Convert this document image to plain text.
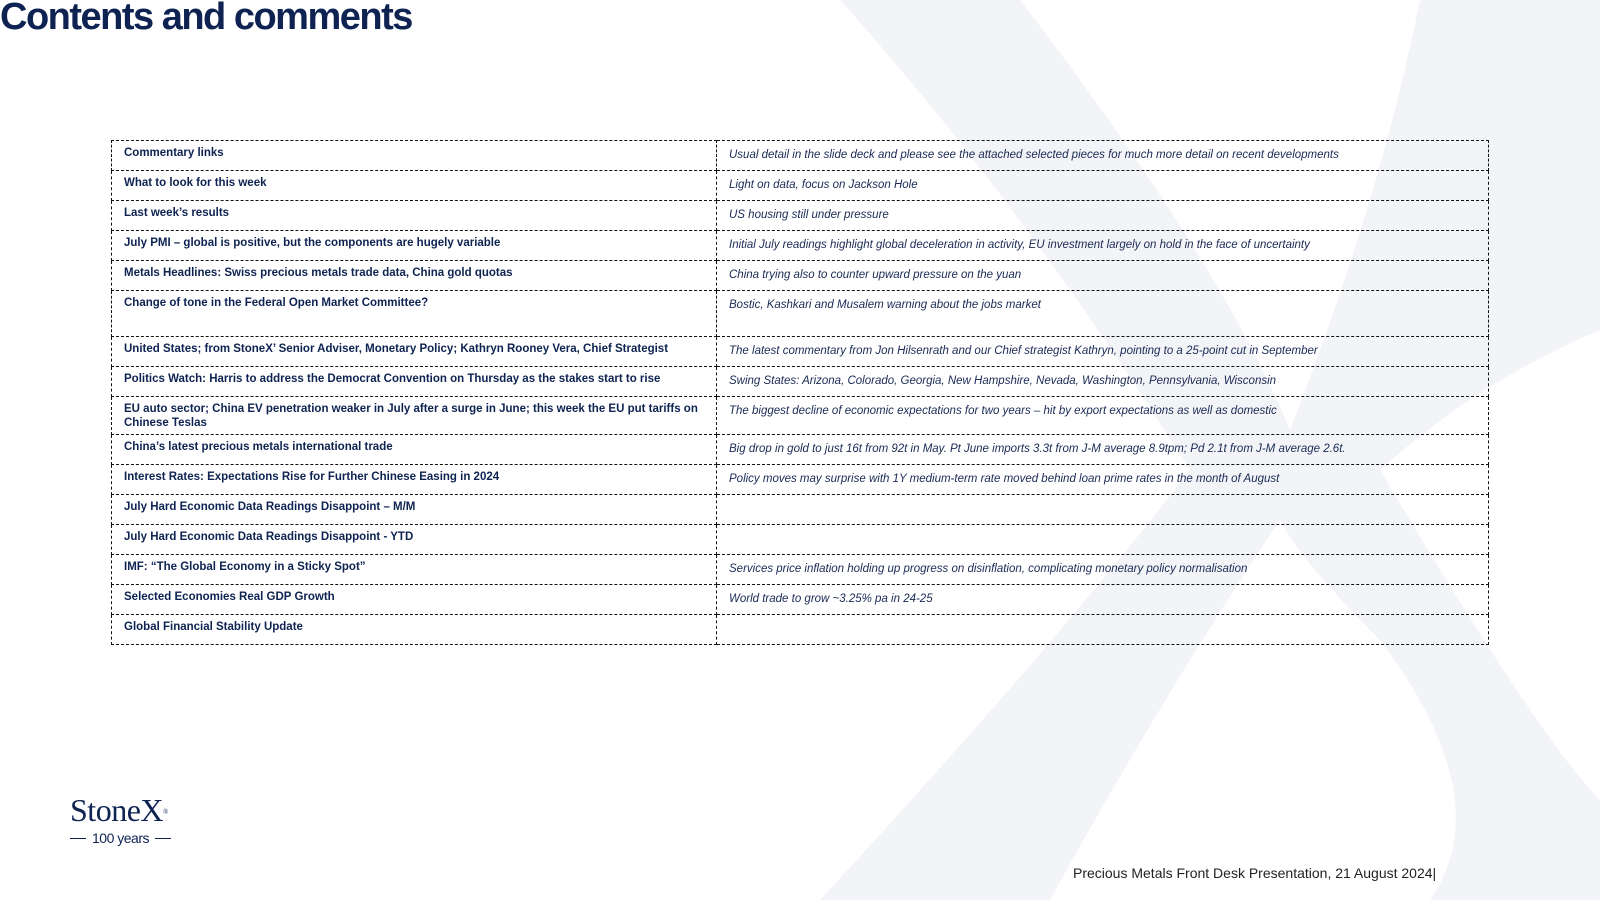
Contents and comments
Commentary links	Usual detail in the slide deck and please see the attached selected pieces for much more detail on recent developments
What to look for this week	Light on data, focus on Jackson Hole
Last week’s results	US housing still under pressure
July PMI – global is positive, but the components are hugely variable	Initial July readings highlight global deceleration in activity, EU investment largely on hold in the face of uncertainty
Metals Headlines: Swiss precious metals trade data, China gold quotas	China trying also to counter upward pressure on the yuan
Change of tone in the Federal Open Market Committee?	Bostic, Kashkari and Musalem warning about the jobs market
United States; from StoneX’ Senior Adviser, Monetary Policy; Kathryn Rooney Vera, Chief Strategist	The latest commentary from Jon Hilsenrath and our Chief strategist Kathryn, pointing to a 25-point cut in September
Politics Watch: Harris to address the Democrat Convention on Thursday as the stakes start to rise	Swing States: Arizona, Colorado, Georgia, New Hampshire, Nevada, Washington, Pennsylvania, Wisconsin
EU auto sector; China EV penetration weaker in July after a surge in June; this week the EU put tariffs on Chinese Teslas	The biggest decline of economic expectations for two years – hit by export expectations as well as domestic
China’s latest precious metals international trade	Big drop in gold to just 16t from 92t in May. Pt June imports 3.3t from J-M average 8.9tpm; Pd 2.1t from J-M average 2.6t.
Interest Rates: Expectations Rise for Further Chinese Easing in 2024	Policy moves may surprise with 1Y medium-term rate moved behind loan prime rates in the month of August
July Hard Economic Data Readings Disappoint – M/M	
July Hard Economic Data Readings Disappoint - YTD	
IMF: “The Global Economy in a Sticky Spot”	Services price inflation holding up progress on disinflation, complicating monetary policy normalisation
Selected Economies Real GDP Growth	World trade to grow ~3.25% pa in 24-25
Global Financial Stability Update	
StoneX®
100 years
Precious Metals Front Desk Presentation, 21 August 2024|
